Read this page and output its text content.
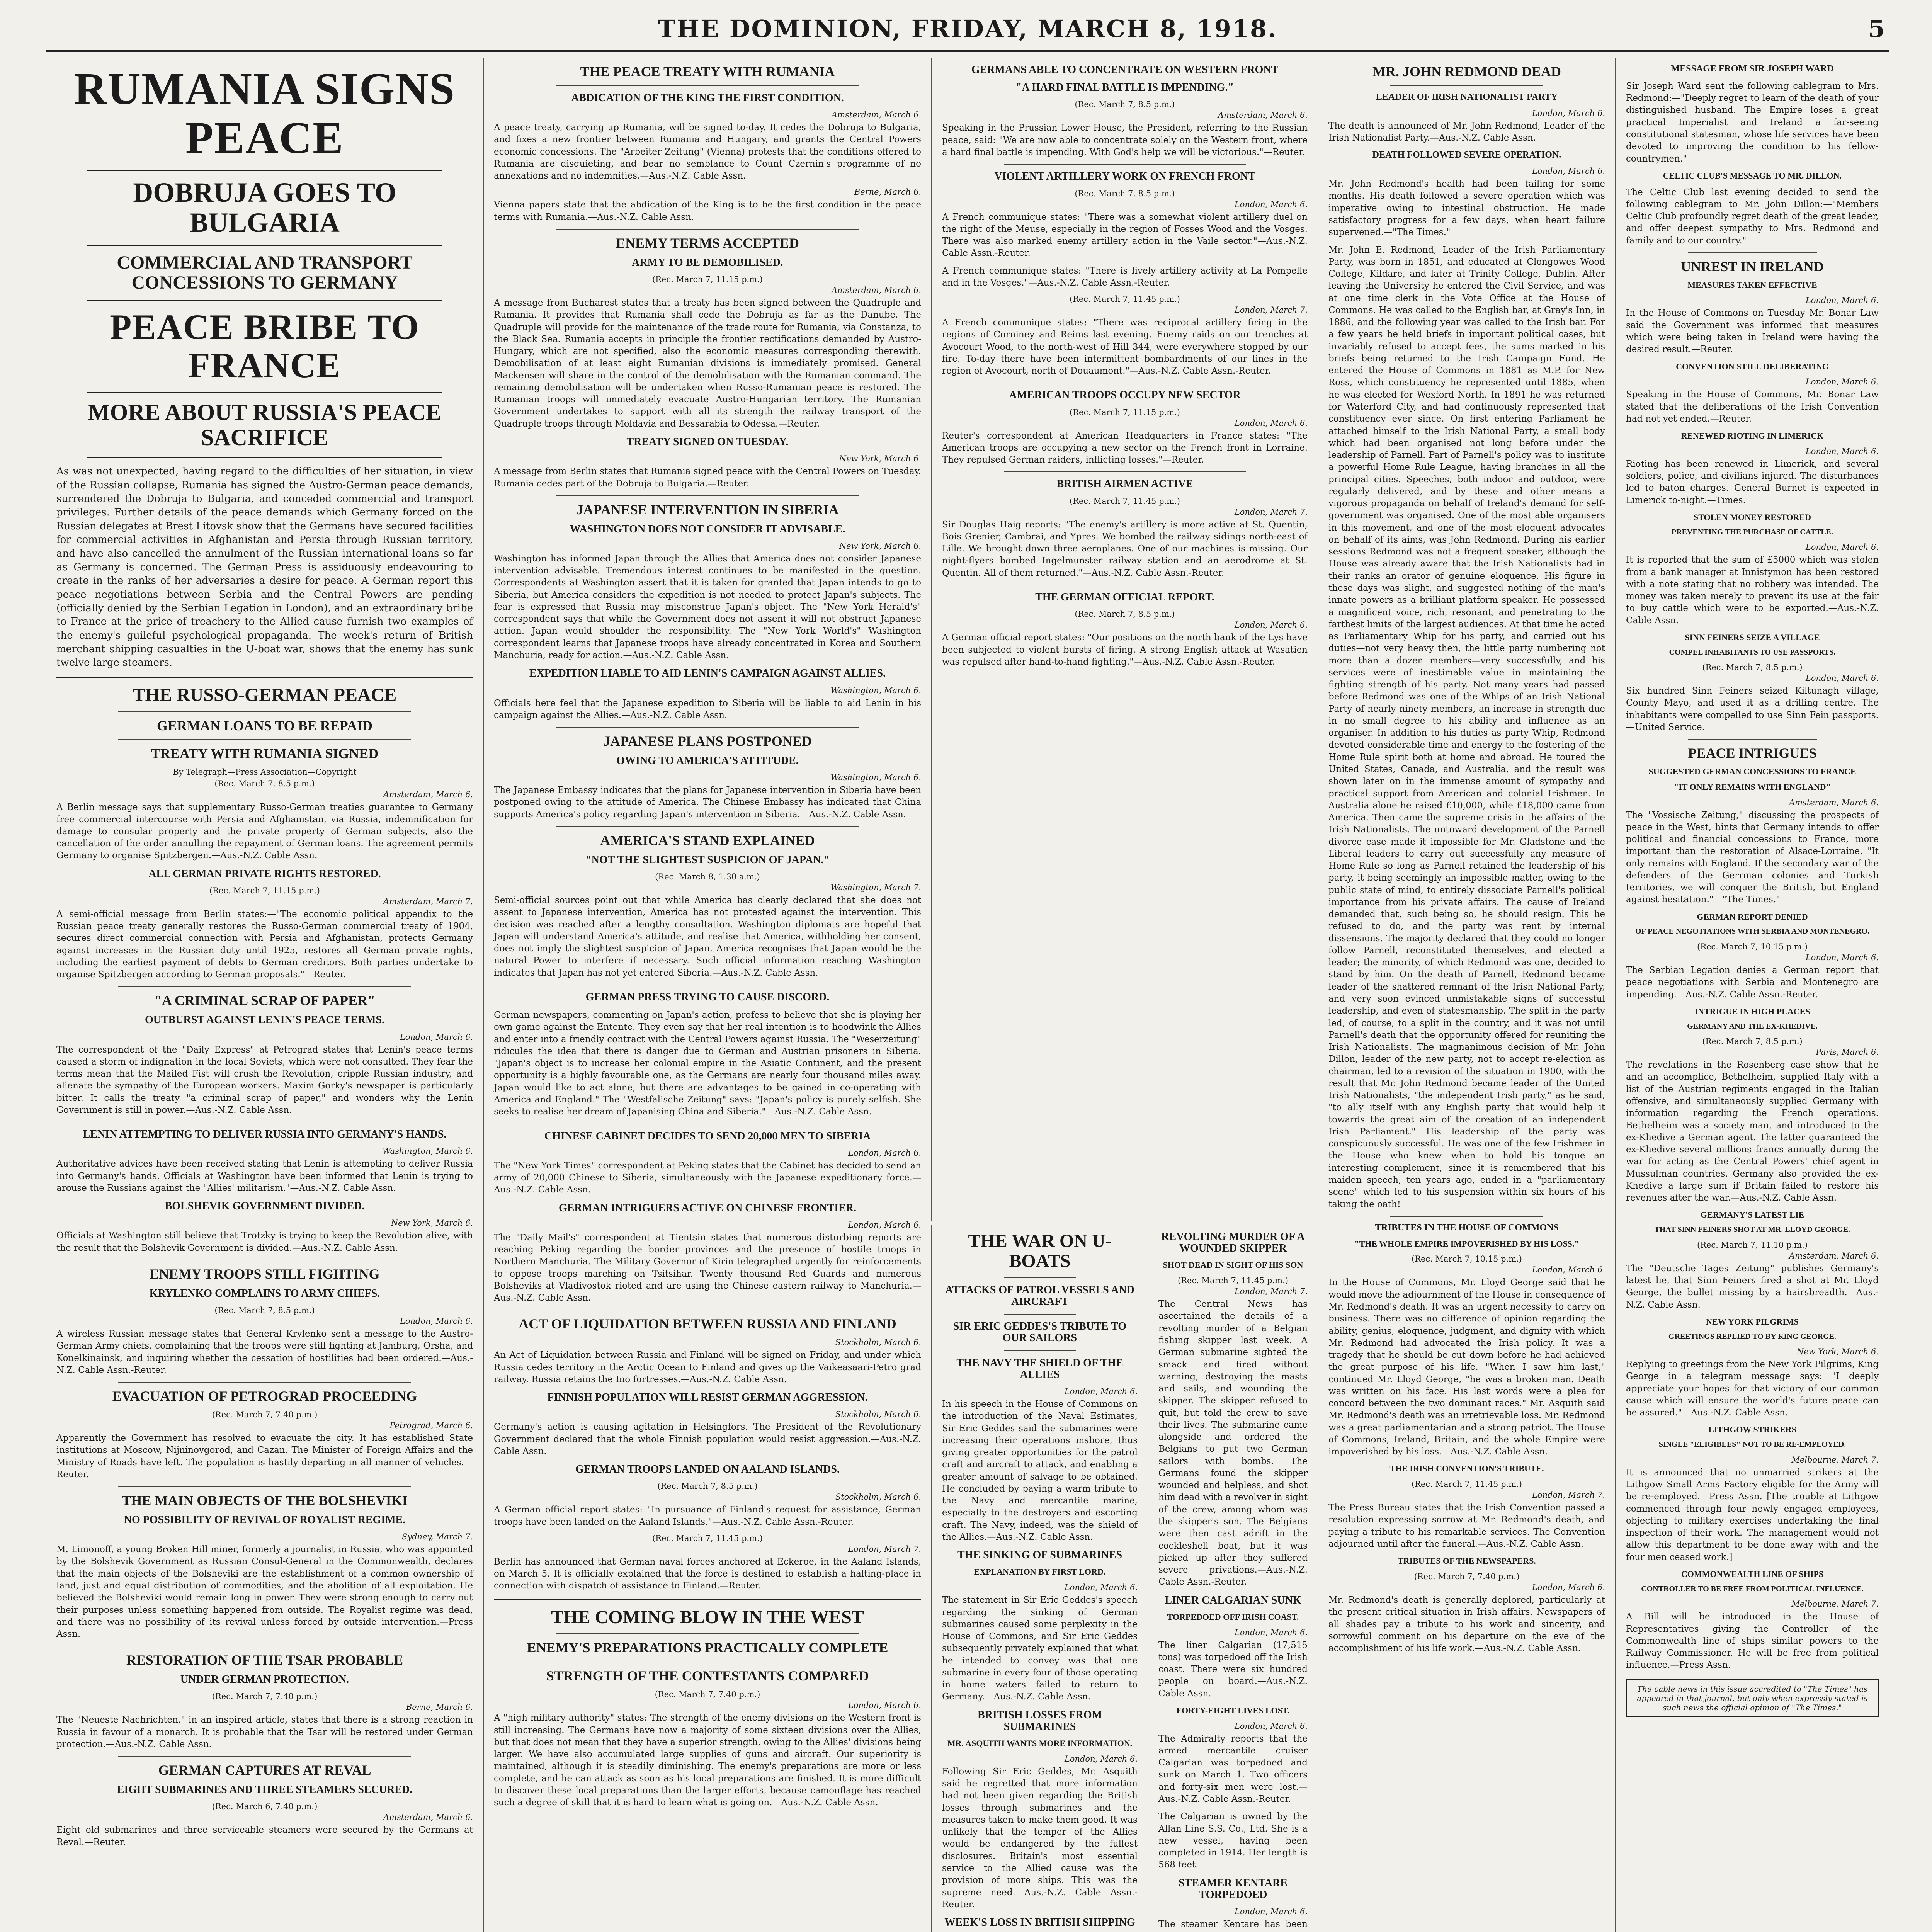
THE DOMINION, FRIDAY, MARCH 8, 1918.	5
RUMANIA SIGNS PEACE
DOBRUJA GOES TO BULGARIA
COMMERCIAL AND TRANSPORT CONCESSIONS TO GERMANY
PEACE BRIBE TO FRANCE
MORE ABOUT RUSSIA'S PEACE SACRIFICE

As was not unexpected, having regard to the difficulties of her situation, in view of the Russian collapse, Rumania has signed the Austro-German peace demands, surrendered the Dobruja to Bulgaria, and conceded commercial and transport privileges. Further details of the peace demands which Germany forced on the Russian delegates at Brest Litovsk show that the Germans have secured facilities for commercial activities in Afghanistan and Persia through Russian territory, and have also cancelled the annulment of the Russian international loans so far as Germany is concerned. The German Press is assiduously endeavouring to create in the ranks of her adversaries a desire for peace. A German report this peace negotiations between Serbia and the Central Powers are pending (officially denied by the Serbian Legation in London), and an extraordinary bribe to France at the price of treachery to the Allied cause furnish two examples of the enemy's guileful psychological propaganda. The week's return of British merchant shipping casualties in the U-boat war, shows that the enemy has sunk twelve large steamers.

THE RUSSO-GERMAN PEACE
GERMAN LOANS TO BE REPAID
TREATY WITH RUMANIA SIGNED
By Telegraph—Press Association—Copyright
(Rec. March 7, 8.5 p.m.)
Amsterdam, March 6.

A Berlin message says that supplementary Russo-German treaties guarantee to Germany free commercial intercourse with Persia and Afghanistan, via Russia, indemnification for damage to consular property and the private property of German subjects, also the cancellation of the order annulling the repayment of German loans. The agreement permits Germany to organise Spitzbergen.—Aus.-N.Z. Cable Assn.

ALL GERMAN PRIVATE RIGHTS RESTORED.
(Rec. March 7, 11.15 p.m.)
Amsterdam, March 7.

A semi-official message from Berlin states:—"The economic political appendix to the Russian peace treaty generally restores the Russo-German commercial treaty of 1904, secures direct commercial connection with Persia and Afghanistan, protects Germany against increases in the Russian duty until 1925, restores all German private rights, including the earliest payment of debts to German creditors. Both parties undertake to organise Spitzbergen according to German proposals."—Reuter.

"A CRIMINAL SCRAP OF PAPER"
OUTBURST AGAINST LENIN'S PEACE TERMS.
London, March 6.

The correspondent of the "Daily Express" at Petrograd states that Lenin's peace terms caused a storm of indignation in the local Soviets, which were not consulted. They fear the terms mean that the Mailed Fist will crush the Revolution, cripple Russian industry, and alienate the sympathy of the European workers. Maxim Gorky's newspaper is particularly bitter. It calls the treaty "a criminal scrap of paper," and wonders why the Lenin Government is still in power.—Aus.-N.Z. Cable Assn.

LENIN ATTEMPTING TO DELIVER RUSSIA INTO GERMANY'S HANDS.
Washington, March 6.

Authoritative advices have been received stating that Lenin is attempting to deliver Russia into Germany's hands. Officials at Washington have been informed that Lenin is trying to arouse the Russians against the "Allies' militarism."—Aus.-N.Z. Cable Assn.

BOLSHEVIK GOVERNMENT DIVIDED.
New York, March 6.

Officials at Washington still believe that Trotzky is trying to keep the Revolution alive, with the result that the Bolshevik Government is divided.—Aus.-N.Z. Cable Assn.

ENEMY TROOPS STILL FIGHTING
KRYLENKO COMPLAINS TO ARMY CHIEFS.
(Rec. March 7, 8.5 p.m.)
London, March 6.

A wireless Russian message states that General Krylenko sent a message to the Austro-German Army chiefs, complaining that the troops were still fighting at Jamburg, Orsha, and Konelkinainsk, and inquiring whether the cessation of hostilities had been ordered.—Aus.-N.Z. Cable Assn.-Reuter.

EVACUATION OF PETROGRAD PROCEEDING
(Rec. March 7, 7.40 p.m.)
Petrograd, March 6.

Apparently the Government has resolved to evacuate the city. It has established State institutions at Moscow, Nijninovgorod, and Cazan. The Minister of Foreign Affairs and the Ministry of Roads have left. The population is hastily departing in all manner of vehicles.—Reuter.

THE MAIN OBJECTS OF THE BOLSHEVIKI
NO POSSIBILITY OF REVIVAL OF ROYALIST REGIME.
Sydney, March 7.

M. Limonoff, a young Broken Hill miner, formerly a journalist in Russia, who was appointed by the Bolshevik Government as Russian Consul-General in the Commonwealth, declares that the main objects of the Bolsheviki are the establishment of a common ownership of land, just and equal distribution of commodities, and the abolition of all exploitation. He believed the Bolsheviki would remain long in power. They were strong enough to carry out their purposes unless something happened from outside. The Royalist regime was dead, and there was no possibility of its revival unless forced by outside intervention.—Press Assn.

RESTORATION OF THE TSAR PROBABLE
UNDER GERMAN PROTECTION.
(Rec. March 7, 7.40 p.m.)
Berne, March 6.

The "Neueste Nachrichten," in an inspired article, states that there is a strong reaction in Russia in favour of a monarch. It is probable that the Tsar will be restored under German protection.—Aus.-N.Z. Cable Assn.

GERMAN CAPTURES AT REVAL
EIGHT SUBMARINES AND THREE STEAMERS SECURED.
(Rec. March 6, 7.40 p.m.)
Amsterdam, March 6.

Eight old submarines and three serviceable steamers were secured by the Germans at Reval.—Reuter.

THE PEACE TREATY WITH RUMANIA
ABDICATION OF THE KING THE FIRST CONDITION.
Amsterdam, March 6.

A peace treaty, carrying up Rumania, will be signed to-day. It cedes the Dobruja to Bulgaria, and fixes a new frontier between Rumania and Hungary, and grants the Central Powers economic concessions. The "Arbeiter Zeitung" (Vienna) protests that the conditions offered to Rumania are disquieting, and bear no semblance to Count Czernin's programme of no annexations and no indemnities.—Aus.-N.Z. Cable Assn.

Berne, March 6.

Vienna papers state that the abdication of the King is to be the first condition in the peace terms with Rumania.—Aus.-N.Z. Cable Assn.

ENEMY TERMS ACCEPTED
ARMY TO BE DEMOBILISED.
(Rec. March 7, 11.15 p.m.)
Amsterdam, March 6.

A message from Bucharest states that a treaty has been signed between the Quadruple and Rumania. It provides that Rumania shall cede the Dobruja as far as the Danube. The Quadruple will provide for the maintenance of the trade route for Rumania, via Constanza, to the Black Sea. Rumania accepts in principle the frontier rectifications demanded by Austro-Hungary, which are not specified, also the economic measures corresponding therewith. Demobilisation of at least eight Rumanian divisions is immediately promised. General Mackensen will share in the control of the demobilisation with the Rumanian command. The remaining demobilisation will be undertaken when Russo-Rumanian peace is restored. The Rumanian troops will immediately evacuate Austro-Hungarian territory. The Rumanian Government undertakes to support with all its strength the railway transport of the Quadruple troops through Moldavia and Bessarabia to Odessa.—Reuter.

TREATY SIGNED ON TUESDAY.
New York, March 6.

A message from Berlin states that Rumania signed peace with the Central Powers on Tuesday. Rumania cedes part of the Dobruja to Bulgaria.—Reuter.

JAPANESE INTERVENTION IN SIBERIA
WASHINGTON DOES NOT CONSIDER IT ADVISABLE.
New York, March 6.

Washington has informed Japan through the Allies that America does not consider Japanese intervention advisable. Tremendous interest continues to be manifested in the question. Correspondents at Washington assert that it is taken for granted that Japan intends to go to Siberia, but America considers the expedition is not needed to protect Japan's subjects. The fear is expressed that Russia may misconstrue Japan's object. The "New York Herald's" correspondent says that while the Government does not assent it will not obstruct Japanese action. Japan would shoulder the responsibility. The "New York World's" Washington correspondent learns that Japanese troops have already concentrated in Korea and Southern Manchuria, ready for action.—Aus.-N.Z. Cable Assn.

EXPEDITION LIABLE TO AID LENIN'S CAMPAIGN AGAINST ALLIES.
Washington, March 6.

Officials here feel that the Japanese expedition to Siberia will be liable to aid Lenin in his campaign against the Allies.—Aus.-N.Z. Cable Assn.

JAPANESE PLANS POSTPONED
OWING TO AMERICA'S ATTITUDE.
Washington, March 6.

The Japanese Embassy indicates that the plans for Japanese intervention in Siberia have been postponed owing to the attitude of America. The Chinese Embassy has indicated that China supports America's policy regarding Japan's intervention in Siberia.—Aus.-N.Z. Cable Assn.

AMERICA'S STAND EXPLAINED
"NOT THE SLIGHTEST SUSPICION OF JAPAN."
(Rec. March 8, 1.30 a.m.)
Washington, March 7.

Semi-official sources point out that while America has clearly declared that she does not assent to Japanese intervention, America has not protested against the intervention. This decision was reached after a lengthy consultation. Washington diplomats are hopeful that Japan will understand America's attitude, and realise that America, withholding her consent, does not imply the slightest suspicion of Japan. America recognises that Japan would be the natural Power to interfere if necessary. Such official information reaching Washington indicates that Japan has not yet entered Siberia.—Aus.-N.Z. Cable Assn.

GERMAN PRESS TRYING TO CAUSE DISCORD.

German newspapers, commenting on Japan's action, profess to believe that she is playing her own game against the Entente. They even say that her real intention is to hoodwink the Allies and enter into a friendly contract with the Central Powers against Russia. The "Weserzeitung" ridicules the idea that there is danger due to German and Austrian prisoners in Siberia. "Japan's object is to increase her colonial empire in the Asiatic Continent, and the present opportunity is a highly favourable one, as the Germans are nearly four thousand miles away. Japan would like to act alone, but there are advantages to be gained in co-operating with America and England." The "Westfalische Zeitung" says: "Japan's policy is purely selfish. She seeks to realise her dream of Japanising China and Siberia."—Aus.-N.Z. Cable Assn.

CHINESE CABINET DECIDES TO SEND 20,000 MEN TO SIBERIA
London, March 6.

The "New York Times" correspondent at Peking states that the Cabinet has decided to send an army of 20,000 Chinese to Siberia, simultaneously with the Japanese expeditionary force.—Aus.-N.Z. Cable Assn.

GERMAN INTRIGUERS ACTIVE ON CHINESE FRONTIER.
London, March 6.

The "Daily Mail's" correspondent at Tientsin states that numerous disturbing reports are reaching Peking regarding the border provinces and the presence of hostile troops in Northern Manchuria. The Military Governor of Kirin telegraphed urgently for reinforcements to oppose troops marching on Tsitsihar. Twenty thousand Red Guards and numerous Bolsheviks at Vladivostok rioted and are using the Chinese eastern railway to Manchuria.—Aus.-N.Z. Cable Assn.

ACT OF LIQUIDATION BETWEEN RUSSIA AND FINLAND
Stockholm, March 6.

An Act of Liquidation between Russia and Finland will be signed on Friday, and under which Russia cedes territory in the Arctic Ocean to Finland and gives up the Vaikeasaari-Petro grad railway. Russia retains the Ino fortresses.—Aus.-N.Z. Cable Assn.

FINNISH POPULATION WILL RESIST GERMAN AGGRESSION.
Stockholm, March 6.

Germany's action is causing agitation in Helsingfors. The President of the Revolutionary Government declared that the whole Finnish population would resist aggression.—Aus.-N.Z. Cable Assn.

GERMAN TROOPS LANDED ON AALAND ISLANDS.
(Rec. March 7, 8.5 p.m.)
Stockholm, March 6.

A German official report states: "In pursuance of Finland's request for assistance, German troops have been landed on the Aaland Islands."—Aus.-N.Z. Cable Assn.-Reuter.

(Rec. March 7, 11.45 p.m.)
London, March 7.

Berlin has announced that German naval forces anchored at Eckeroe, in the Aaland Islands, on March 5. It is officially explained that the force is destined to establish a halting-place in connection with dispatch of assistance to Finland.—Reuter.

THE COMING BLOW IN THE WEST
ENEMY'S PREPARATIONS PRACTICALLY COMPLETE
STRENGTH OF THE CONTESTANTS COMPARED
(Rec. March 7, 7.40 p.m.)
London, March 6.

A "high military authority" states: The strength of the enemy divisions on the Western front is still increasing. The Germans have now a majority of some sixteen divisions over the Allies, but that does not mean that they have a superior strength, owing to the Allies' divisions being larger. We have also accumulated large supplies of guns and aircraft. Our superiority is maintained, although it is steadily diminishing. The enemy's preparations are more or less complete, and he can attack as soon as his local preparations are finished. It is more difficult to discover these local preparations than the larger efforts, because camouflage has reached such a degree of skill that it is hard to learn what is going on.—Aus.-N.Z. Cable Assn.

GERMANS ABLE TO CONCENTRATE ON WESTERN FRONT
"A HARD FINAL BATTLE IS IMPENDING."
(Rec. March 7, 8.5 p.m.)
Amsterdam, March 6.

Speaking in the Prussian Lower House, the President, referring to the Russian peace, said: "We are now able to concentrate solely on the Western front, where a hard final battle is impending. With God's help we will be victorious."—Reuter.

VIOLENT ARTILLERY WORK ON FRENCH FRONT
(Rec. March 7, 8.5 p.m.)
London, March 6.

A French communique states: "There was a somewhat violent artillery duel on the right of the Meuse, especially in the region of Fosses Wood and the Vosges. There was also marked enemy artillery action in the Vaile sector."—Aus.-N.Z. Cable Assn.-Reuter.

A French communique states: "There is lively artillery activity at La Pompelle and in the Vosges."—Aus.-N.Z. Cable Assn.-Reuter.

(Rec. March 7, 11.45 p.m.)
London, March 7.

A French communique states: "There was reciprocal artillery firing in the regions of Corniney and Reims last evening. Enemy raids on our trenches at Avocourt Wood, to the north-west of Hill 344, were everywhere stopped by our fire. To-day there have been intermittent bombardments of our lines in the region of Avocourt, north of Douaumont."—Aus.-N.Z. Cable Assn.-Reuter.

AMERICAN TROOPS OCCUPY NEW SECTOR
(Rec. March 7, 11.15 p.m.)
London, March 6.

Reuter's correspondent at American Headquarters in France states: "The American troops are occupying a new sector on the French front in Lorraine. They repulsed German raiders, inflicting losses."—Reuter.

BRITISH AIRMEN ACTIVE
(Rec. March 7, 11.45 p.m.)
London, March 7.

Sir Douglas Haig reports: "The enemy's artillery is more active at St. Quentin, Bois Grenier, Cambrai, and Ypres. We bombed the railway sidings north-east of Lille. We brought down three aeroplanes. One of our machines is missing. Our night-flyers bombed Ingelmunster railway station and an aerodrome at St. Quentin. All of them returned."—Aus.-N.Z. Cable Assn.-Reuter.

THE GERMAN OFFICIAL REPORT.
(Rec. March 7, 8.5 p.m.)
London, March 6.

A German official report states: "Our positions on the north bank of the Lys have been subjected to violent bursts of firing. A strong English attack at Wasatien was repulsed after hand-to-hand fighting."—Aus.-N.Z. Cable Assn.-Reuter.

THE WAR ON U-BOATS
ATTACKS OF PATROL VESSELS AND AIRCRAFT
SIR ERIC GEDDES'S TRIBUTE TO OUR SAILORS
THE NAVY THE SHIELD OF THE ALLIES
London, March 6.

In his speech in the House of Commons on the introduction of the Naval Estimates, Sir Eric Geddes said the submarines were increasing their operations inshore, thus giving greater opportunities for the patrol craft and aircraft to attack, and enabling a greater amount of salvage to be obtained. He concluded by paying a warm tribute to the Navy and mercantile marine, especially to the destroyers and escorting craft. The Navy, indeed, was the shield of the Allies.—Aus.-N.Z. Cable Assn.

THE SINKING OF SUBMARINES
EXPLANATION BY FIRST LORD.
London, March 6.

The statement in Sir Eric Geddes's speech regarding the sinking of German submarines caused some perplexity in the House of Commons, and Sir Eric Geddes subsequently privately explained that what he intended to convey was that one submarine in every four of those operating in home waters failed to return to Germany.—Aus.-N.Z. Cable Assn.

BRITISH LOSSES FROM SUBMARINES
MR. ASQUITH WANTS MORE INFORMATION.
London, March 6.

Following Sir Eric Geddes, Mr. Asquith said he regretted that more information had not been given regarding the British losses through submarines and the measures taken to make them good. It was unlikely that the temper of the Allies would be endangered by the fullest disclosures. Britain's most essential service to the Allied cause was the provision of more ships. This was the supreme need.—Aus.-N.Z. Cable Assn.-Reuter.

WEEK'S LOSS IN BRITISH SHIPPING

REVOLTING MURDER OF A WOUNDED SKIPPER
SHOT DEAD IN SIGHT OF HIS SON
(Rec. March 7, 11.45 p.m.)
London, March 7.

The Central News has ascertained the details of a revolting murder of a Belgian fishing skipper last week. A German submarine sighted the smack and fired without warning, destroying the masts and sails, and wounding the skipper. The skipper refused to quit, but told the crew to save their lives. The submarine came alongside and ordered the Belgians to put two German sailors with bombs. The Germans found the skipper wounded and helpless, and shot him dead with a revolver in sight of the crew, among whom was the skipper's son. The Belgians were then cast adrift in the cockleshell boat, but it was picked up after they suffered severe privations.—Aus.-N.Z. Cable Assn.-Reuter.

LINER CALGARIAN SUNK
TORPEDOED OFF IRISH COAST.
London, March 6.

The liner Calgarian (17,515 tons) was torpedoed off the Irish coast. There were six hundred people on board.—Aus.-N.Z. Cable Assn.

FORTY-EIGHT LIVES LOST.
London, March 6.

The Admiralty reports that the armed mercantile cruiser Calgarian was torpedoed and sunk on March 1. Two officers and forty-six men were lost.—Aus.-N.Z. Cable Assn.-Reuter.

The Calgarian is owned by the Allan Line S.S. Co., Ltd. She is a new vessel, having been completed in 1914. Her length is 568 feet.

STEAMER KENTARE TORPEDOED
London, March 6.

The steamer Kentare has been

MR. JOHN REDMOND DEAD
LEADER OF IRISH NATIONALIST PARTY
London, March 6.

The death is announced of Mr. John Redmond, Leader of the Irish Nationalist Party.—Aus.-N.Z. Cable Assn.

DEATH FOLLOWED SEVERE OPERATION.
London, March 6.

Mr. John Redmond's health had been failing for some months. His death followed a severe operation which was imperative owing to intestinal obstruction. He made satisfactory progress for a few days, when heart failure supervened.—"The Times."

Mr. John E. Redmond, Leader of the Irish Parliamentary Party, was born in 1851, and educated at Clongowes Wood College, Kildare, and later at Trinity College, Dublin. After leaving the University he entered the Civil Service, and was at one time clerk in the Vote Office at the House of Commons. He was called to the English bar, at Gray's Inn, in 1886, and the following year was called to the Irish bar. For a few years he held briefs in important political cases, but invariably refused to accept fees, the sums marked in his briefs being returned to the Irish Campaign Fund. He entered the House of Commons in 1881 as M.P. for New Ross, which constituency he represented until 1885, when he was elected for Wexford North. In 1891 he was returned for Waterford City, and had continuously represented that constituency ever since. On first entering Parliament he attached himself to the Irish National Party, a small body which had been organised not long before under the leadership of Parnell. Part of Parnell's policy was to institute a powerful Home Rule League, having branches in all the principal cities. Speeches, both indoor and outdoor, were regularly delivered, and by these and other means a vigorous propaganda on behalf of Ireland's demand for self-government was organised. One of the most able organisers in this movement, and one of the most eloquent advocates on behalf of its aims, was John Redmond. During his earlier sessions Redmond was not a frequent speaker, although the House was already aware that the Irish Nationalists had in their ranks an orator of genuine eloquence. His figure in these days was slight, and suggested nothing of the man's innate powers as a brilliant platform speaker. He possessed a magnificent voice, rich, resonant, and penetrating to the farthest limits of the largest audiences. At that time he acted as Parliamentary Whip for his party, and carried out his duties—not very heavy then, the little party numbering not more than a dozen members—very successfully, and his services were of inestimable value in maintaining the fighting strength of his party. Not many years had passed before Redmond was one of the Whips of an Irish National Party of nearly ninety members, an increase in strength due in no small degree to his ability and influence as an organiser. In addition to his duties as party Whip, Redmond devoted considerable time and energy to the fostering of the Home Rule spirit both at home and abroad. He toured the United States, Canada, and Australia, and the result was shown later on in the immense amount of sympathy and practical support from American and colonial Irishmen. In Australia alone he raised £10,000, while £18,000 came from America. Then came the supreme crisis in the affairs of the Irish Nationalists. The untoward development of the Parnell divorce case made it impossible for Mr. Gladstone and the Liberal leaders to carry out successfully any measure of Home Rule so long as Parnell retained the leadership of his party, it being seemingly an impossible matter, owing to the public state of mind, to entirely dissociate Parnell's political importance from his private affairs. The cause of Ireland demanded that, such being so, he should resign. This he refused to do, and the party was rent by internal dissensions. The majority declared that they could no longer follow Parnell, reconstituted themselves, and elected a leader; the minority, of which Redmond was one, decided to stand by him. On the death of Parnell, Redmond became leader of the shattered remnant of the Irish National Party, and very soon evinced unmistakable signs of successful leadership, and even of statesmanship. The split in the party led, of course, to a split in the country, and it was not until Parnell's death that the opportunity offered for reuniting the Irish Nationalists. The magnanimous decision of Mr. John Dillon, leader of the new party, not to accept re-election as chairman, led to a revision of the situation in 1900, with the result that Mr. John Redmond became leader of the United Irish Nationalists, "the independent Irish party," as he said, "to ally itself with any English party that would help it towards the great aim of the creation of an independent Irish Parliament." His leadership of the party was conspicuously successful. He was one of the few Irishmen in the House who knew when to hold his tongue—an interesting complement, since it is remembered that his maiden speech, ten years ago, ended in a "parliamentary scene" which led to his suspension within six hours of his taking the oath!

TRIBUTES IN THE HOUSE OF COMMONS
"THE WHOLE EMPIRE IMPOVERISHED BY HIS LOSS."
(Rec. March 7, 10.15 p.m.)
London, March 6.

In the House of Commons, Mr. Lloyd George said that he would move the adjournment of the House in consequence of Mr. Redmond's death. It was an urgent necessity to carry on business. There was no difference of opinion regarding the ability, genius, eloquence, judgment, and dignity with which Mr. Redmond had advocated the Irish policy. It was a tragedy that he should be cut down before he had achieved the great purpose of his life. "When I saw him last," continued Mr. Lloyd George, "he was a broken man. Death was written on his face. His last words were a plea for concord between the two dominant races." Mr. Asquith said Mr. Redmond's death was an irretrievable loss. Mr. Redmond was a great parliamentarian and a strong patriot. The House of Commons, Ireland, Britain, and the whole Empire were impoverished by his loss.—Aus.-N.Z. Cable Assn.

THE IRISH CONVENTION'S TRIBUTE.
(Rec. March 7, 11.45 p.m.)
London, March 7.

The Press Bureau states that the Irish Convention passed a resolution expressing sorrow at Mr. Redmond's death, and paying a tribute to his remarkable services. The Convention adjourned until after the funeral.—Aus.-N.Z. Cable Assn.

TRIBUTES OF THE NEWSPAPERS.
(Rec. March 7, 7.40 p.m.)
London, March 6.

Mr. Redmond's death is generally deplored, particularly at the present critical situation in Irish affairs. Newspapers of all shades pay a tribute to his work and sincerity, and sorrowful comment on his departure on the eve of the accomplishment of his life work.—Aus.-N.Z. Cable Assn.

MESSAGE FROM SIR JOSEPH WARD

Sir Joseph Ward sent the following cablegram to Mrs. Redmond:—"Deeply regret to learn of the death of your distinguished husband. The Empire loses a great practical Imperialist and Ireland a far-seeing constitutional statesman, whose life services have been devoted to improving the condition to his fellow-countrymen."

CELTIC CLUB'S MESSAGE TO MR. DILLON.

The Celtic Club last evening decided to send the following cablegram to Mr. John Dillon:—"Members Celtic Club profoundly regret death of the great leader, and offer deepest sympathy to Mrs. Redmond and family and to our country."

UNREST IN IRELAND
MEASURES TAKEN EFFECTIVE
London, March 6.

In the House of Commons on Tuesday Mr. Bonar Law said the Government was informed that measures which were being taken in Ireland were having the desired result.—Reuter.

CONVENTION STILL DELIBERATING
London, March 6.

Speaking in the House of Commons, Mr. Bonar Law stated that the deliberations of the Irish Convention had not yet ended.—Reuter.

RENEWED RIOTING IN LIMERICK
London, March 6.

Rioting has been renewed in Limerick, and several soldiers, police, and civilians injured. The disturbances led to baton charges. General Burnet is expected in Limerick to-night.—Times.

STOLEN MONEY RESTORED
PREVENTING THE PURCHASE OF CATTLE.
London, March 6.

It is reported that the sum of £5000 which was stolen from a bank manager at Innistymon has been restored with a note stating that no robbery was intended. The money was taken merely to prevent its use at the fair to buy cattle which were to be exported.—Aus.-N.Z. Cable Assn.

SINN FEINERS SEIZE A VILLAGE
COMPEL INHABITANTS TO USE PASSPORTS.
(Rec. March 7, 8.5 p.m.)
London, March 6.

Six hundred Sinn Feiners seized Kiltunagh village, County Mayo, and used it as a drilling centre. The inhabitants were compelled to use Sinn Fein passports.—United Service.

PEACE INTRIGUES
SUGGESTED GERMAN CONCESSIONS TO FRANCE
"IT ONLY REMAINS WITH ENGLAND"
Amsterdam, March 6.

The "Vossische Zeitung," discussing the prospects of peace in the West, hints that Germany intends to offer political and financial concessions to France, more important than the restoration of Alsace-Lorraine. "It only remains with England. If the secondary war of the defenders of the Gerrman colonies and Turkish territories, we will conquer the British, but England against hesitation."—"The Times."

GERMAN REPORT DENIED
OF PEACE NEGOTIATIONS WITH SERBIA AND MONTENEGRO.
(Rec. March 7, 10.15 p.m.)
London, March 6.

The Serbian Legation denies a German report that peace negotiations with Serbia and Montenegro are impending.—Aus.-N.Z. Cable Assn.-Reuter.

INTRIGUE IN HIGH PLACES
GERMANY AND THE EX-KHEDIVE.
(Rec. March 7, 8.5 p.m.)
Paris, March 6.

The revelations in the Rosenberg case show that he and an accomplice, Bethelheim, supplied Italy with a list of the Austrian regiments engaged in the Italian offensive, and simultaneously supplied Germany with information regarding the French operations. Bethelheim was a society man, and introduced to the ex-Khedive a German agent. The latter guaranteed the ex-Khedive several millions francs annually during the war for acting as the Central Powers' chief agent in Mussulman countries. Germany also provided the ex-Khedive a large sum if Britain failed to restore his revenues after the war.—Aus.-N.Z. Cable Assn.

GERMANY'S LATEST LIE
THAT SINN FEINERS SHOT AT MR. LLOYD GEORGE.
(Rec. March 7, 11.10 p.m.)
Amsterdam, March 6.

The "Deutsche Tages Zeitung" publishes Germany's latest lie, that Sinn Feiners fired a shot at Mr. Lloyd George, the bullet missing by a hairsbreadth.—Aus.-N.Z. Cable Assn.

NEW YORK PILGRIMS
GREETINGS REPLIED TO BY KING GEORGE.
New York, March 6.

Replying to greetings from the New York Pilgrims, King George in a telegram message says: "I deeply appreciate your hopes for that victory of our common cause which will ensure the world's future peace can be assured."—Aus.-N.Z. Cable Assn.

LITHGOW STRIKERS
SINGLE "ELIGIBLES" NOT TO BE RE-EMPLOYED.
Melbourne, March 7.

It is announced that no unmarried strikers at the Lithgow Small Arms Factory eligible for the Army will be re-employed.—Press Assn. [The trouble at Lithgow commenced through four newly engaged employees, objecting to military exercises undertaking the final inspection of their work. The management would not allow this department to be done away with and the four men ceased work.]

COMMONWEALTH LINE OF SHIPS
CONTROLLER TO BE FREE FROM POLITICAL INFLUENCE.
Melbourne, March 7.

A Bill will be introduced in the House of Representatives giving the Controller of the Commonwealth line of ships similar powers to the Railway Commissioner. He will be free from political influence.—Press Assn.

The cable news in this issue accredited to "The Times" has appeared in that journal, but only when expressly stated is such news the official opinion of "The Times."
